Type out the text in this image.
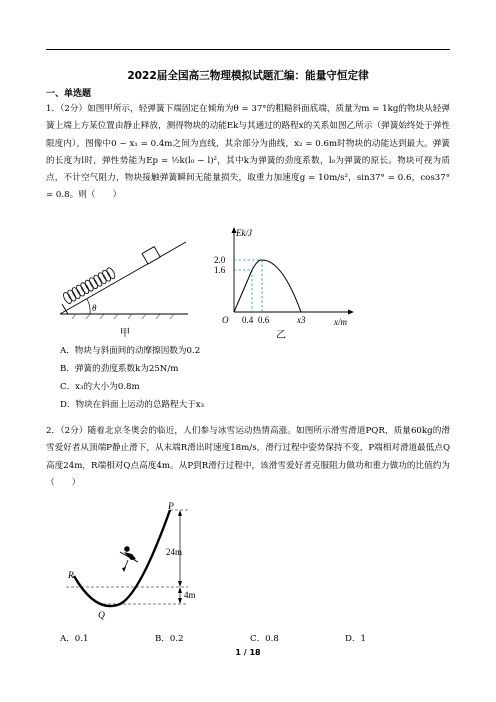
2022届全国高三物理模拟试题汇编：能量守恒定律
一、单选题
1．（2分）如图甲所示，轻弹簧下端固定在倾角为θ = 37°的粗糙斜面底端，质量为m = 1kg的物块从轻弹簧上端上方某位置由静止释放，测得物块的动能Ek与其通过的路程x的关系如图乙所示（弹簧始终处于弹性限度内），图像中0 ~ x₁ = 0.4m之间为直线，其余部分为曲线，x₂ = 0.6m时物块的动能达到最大。弹簧的长度为l时，弹性势能为Ep = ½k(l₀ − l)²，其中k为弹簧的劲度系数，l₀为弹簧的原长。物块可视为质点，不计空气阻力，物块接触弹簧瞬间无能量损失，取重力加速度g = 10m/s²，sin37° = 0.6，cos37° = 0.8。则（　　）
θ
甲
Ek/J
2.0
1.6
O 0.4 0.6	x3	x/m
乙
A．物块与斜面间的动摩擦因数为0.2
B．弹簧的劲度系数k为25N/m
C．x₃的大小为0.8m
D．物块在斜面上运动的总路程大于x₃
2．（2分）随着北京冬奥会的临近，人们参与冰雪运动热情高涨。如图所示滑雪滑道PQR，质量60kg的滑雪爱好者从顶端P静止滑下，从末端R滑出时速度18m/s，滑行过程中姿势保持不变，P端相对滑道最低点Q高度24m，R端相对Q点高度4m。从P到R滑行过程中，该滑雪爱好者克服阻力做功和重力做功的比值约为（　　）
P
R
Q
24m
4m
A．0.1	B．0.2	C．0.8	D．1
1 / 18
